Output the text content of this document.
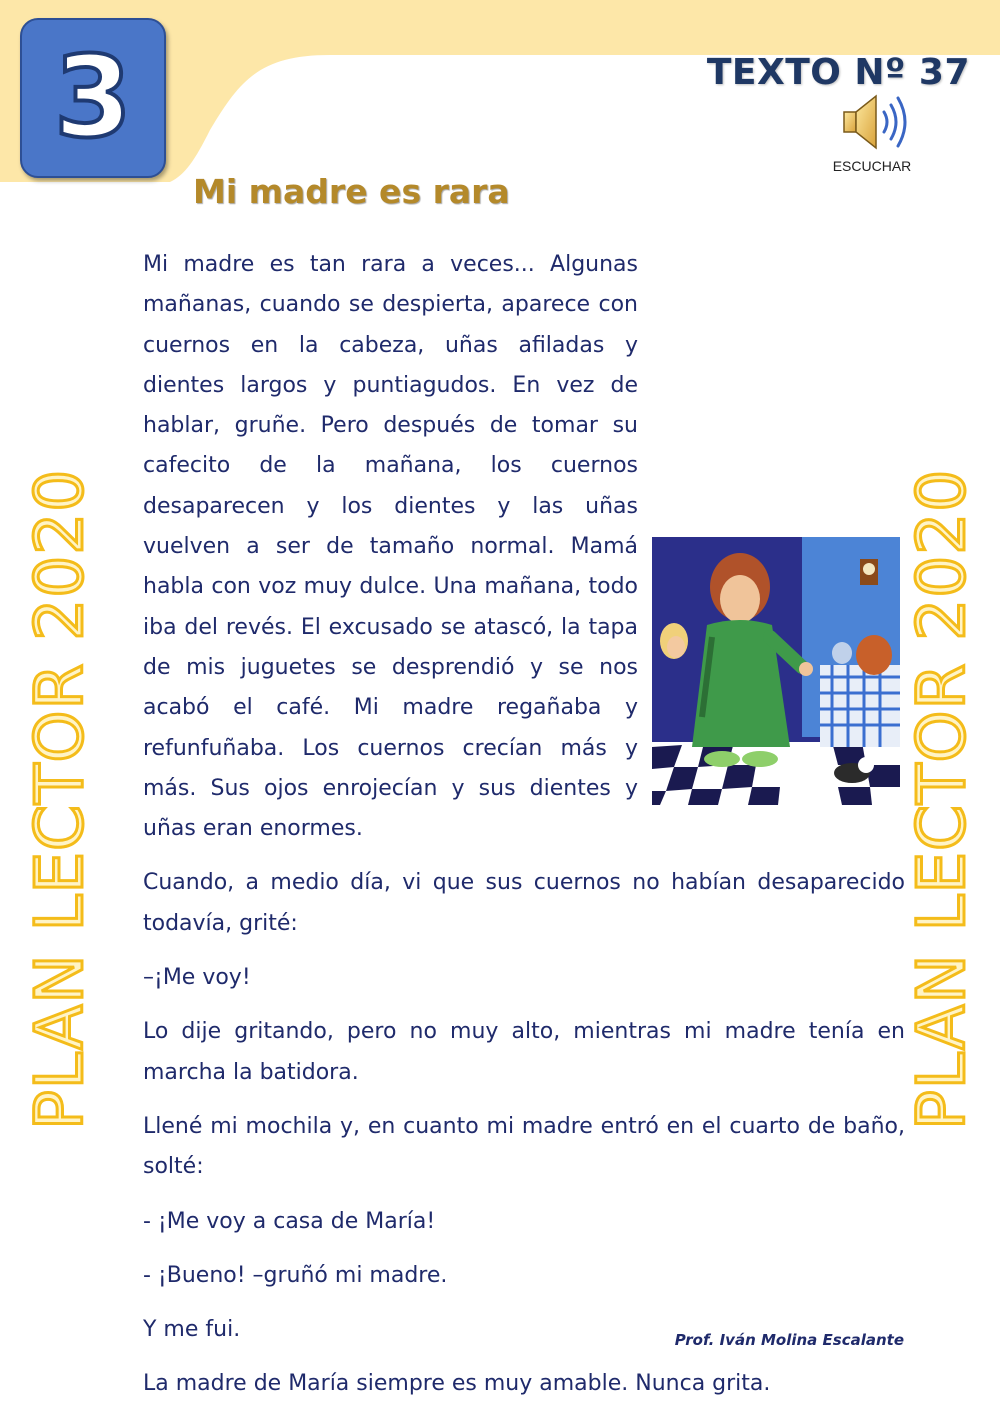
3	TEXTO Nº 37
ESCUCHAR
Mi madre es rara
PLAN LECTOR 2020	PLAN LECTOR 2020

Mi madre es tan rara a veces... Algunas mañanas, cuando se despierta, aparece con cuernos en la cabeza, uñas afiladas y dientes largos y puntiagudos. En vez de hablar, gruñe. Pero después de tomar su cafecito de la mañana, los cuernos desaparecen y los dientes y las uñas vuelven a ser de tamaño normal. Mamá habla con voz muy dulce. Una mañana, todo iba del revés. El excusado se atascó, la tapa de mis juguetes se desprendió y se nos acabó el café. Mi madre regañaba y refunfuñaba. Los cuernos crecían más y más. Sus ojos enrojecían y sus dientes y uñas eran enormes.

Cuando, a medio día, vi que sus cuernos no habían desaparecido todavía, grité:

–¡Me voy!

Lo dije gritando, pero no muy alto, mientras mi madre tenía en marcha la batidora.

Llené mi mochila y, en cuanto mi madre entró en el cuarto de baño, solté:

- ¡Me voy a casa de María!

- ¡Bueno! –gruñó mi madre.

Y me fui.

La madre de María siempre es muy amable. Nunca grita.

Prof. Iván Molina Escalante
